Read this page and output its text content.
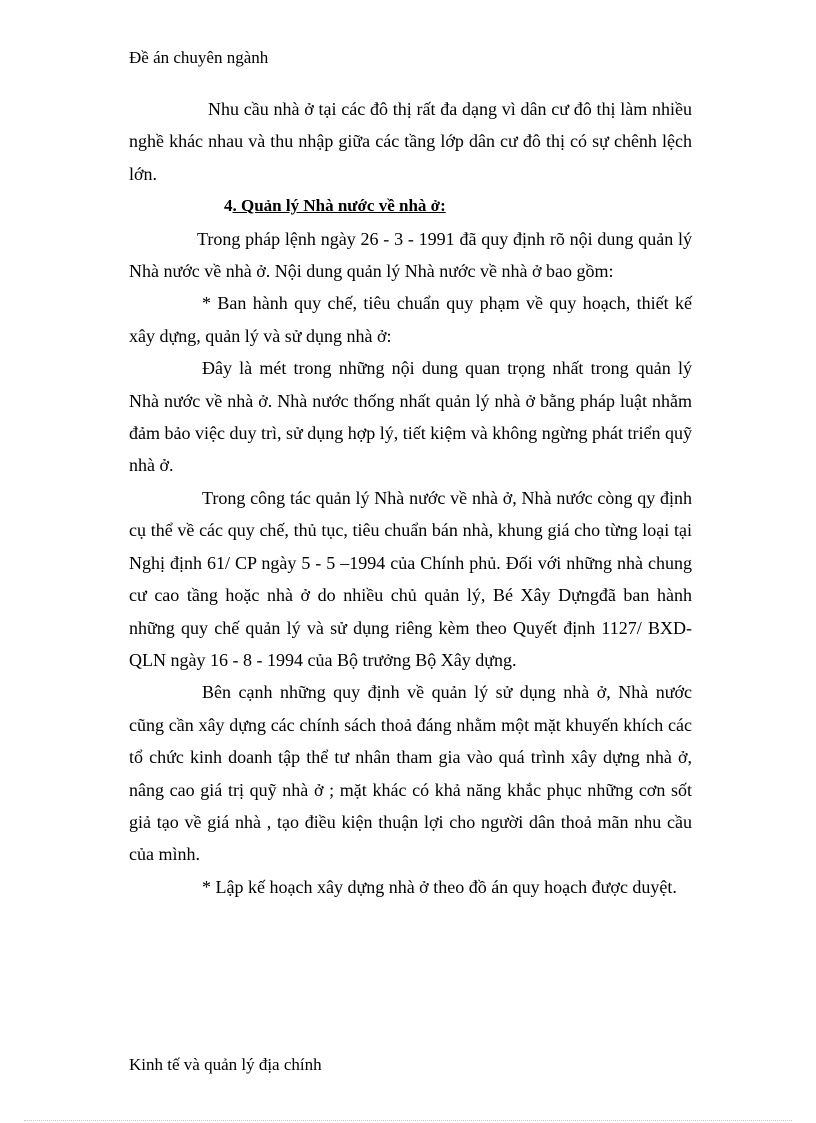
Đề án chuyên ngành

Nhu cầu nhà ở tại các đô thị rất đa dạng vì dân cư đô thị làm nhiều nghề khác nhau và thu nhập giữa các tầng lớp dân cư đô thị có sự chênh lệch lớn.

4. Quản lý Nhà nước về nhà ở:

Trong pháp lệnh ngày 26 - 3 - 1991 đã quy định rõ nội dung quản lý Nhà nước về nhà ở. Nội dung quản lý Nhà nước về nhà ở bao gồm:

* Ban hành quy chế, tiêu chuẩn quy phạm về quy hoạch, thiết kế xây dựng, quản lý và sử dụng nhà ở:

Đây là mét trong những nội dung quan trọng nhất trong quản lý Nhà nước về nhà ở. Nhà nước thống nhất quản lý nhà ở bằng pháp luật nhằm đảm bảo việc duy trì, sử dụng hợp lý, tiết kiệm và không ngừng phát triển quỹ nhà ở.

Trong công tác quản lý Nhà nước về nhà ở, Nhà nước còng qy định cụ thể về các quy chế, thủ tục, tiêu chuẩn bán nhà, khung giá cho từng loại tại Nghị định 61/ CP ngày 5 - 5 –1994 của Chính phủ. Đối với những nhà chung cư cao tầng hoặc nhà ở do nhiều chủ quản lý, Bé Xây Dựngđã ban hành những quy chế quản lý và sử dụng riêng kèm theo Quyết định 1127/ BXD-QLN ngày 16 - 8 - 1994 của Bộ trưởng Bộ Xây dựng.

Bên cạnh những quy định về quản lý sử dụng nhà ở, Nhà nước cũng cần xây dựng các chính sách thoả đáng nhằm một mặt khuyến khích các tổ chức kinh doanh tập thể tư nhân tham gia vào quá trình xây dựng nhà ở, nâng cao giá trị quỹ nhà ở ; mặt khác có khả năng khắc phục những cơn sốt giả tạo về giá nhà , tạo điều kiện thuận lợi cho người dân thoả mãn nhu cầu của mình.

* Lập kế hoạch xây dựng nhà ở theo đồ án quy hoạch được duyệt.

Kinh tế và quản lý địa chính
